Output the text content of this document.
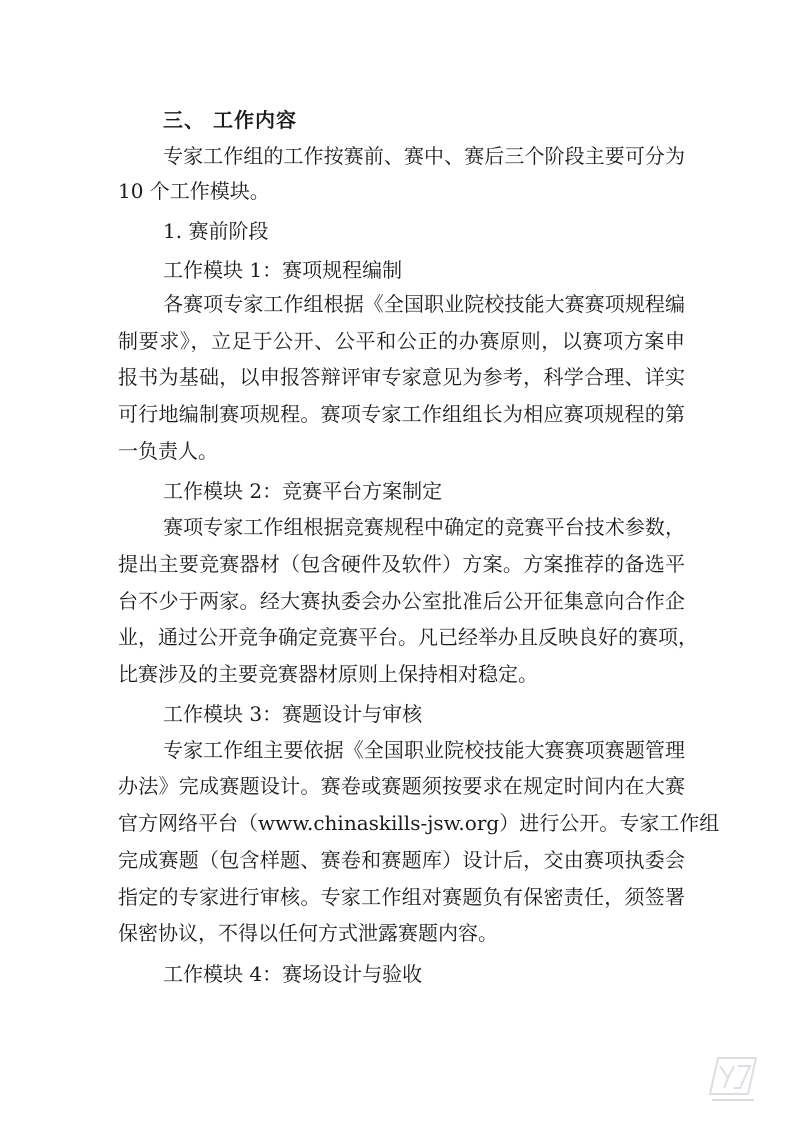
三、 工作内容
专家工作组的工作按赛前、赛中、赛后三个阶段主要可分为
10 个工作模块。
1. 赛前阶段
工作模块 1：赛项规程编制
各赛项专家工作组根据《全国职业院校技能大赛赛项规程编
制要求》，立足于公开、公平和公正的办赛原则，以赛项方案申
报书为基础，以申报答辩评审专家意见为参考，科学合理、详实
可行地编制赛项规程。赛项专家工作组组长为相应赛项规程的第
一负责人。
工作模块 2：竞赛平台方案制定
赛项专家工作组根据竞赛规程中确定的竞赛平台技术参数，
提出主要竞赛器材（包含硬件及软件）方案。方案推荐的备选平
台不少于两家。经大赛执委会办公室批准后公开征集意向合作企
业，通过公开竞争确定竞赛平台。凡已经举办且反映良好的赛项，
比赛涉及的主要竞赛器材原则上保持相对稳定。
工作模块 3：赛题设计与审核
专家工作组主要依据《全国职业院校技能大赛赛项赛题管理
办法》完成赛题设计。赛卷或赛题须按要求在规定时间内在大赛
官方网络平台（www.chinaskills-jsw.org）进行公开。专家工作组
完成赛题（包含样题、赛卷和赛题库）设计后，交由赛项执委会
指定的专家进行审核。专家工作组对赛题负有保密责任，须签署
保密协议，不得以任何方式泄露赛题内容。
工作模块 4：赛场设计与验收
